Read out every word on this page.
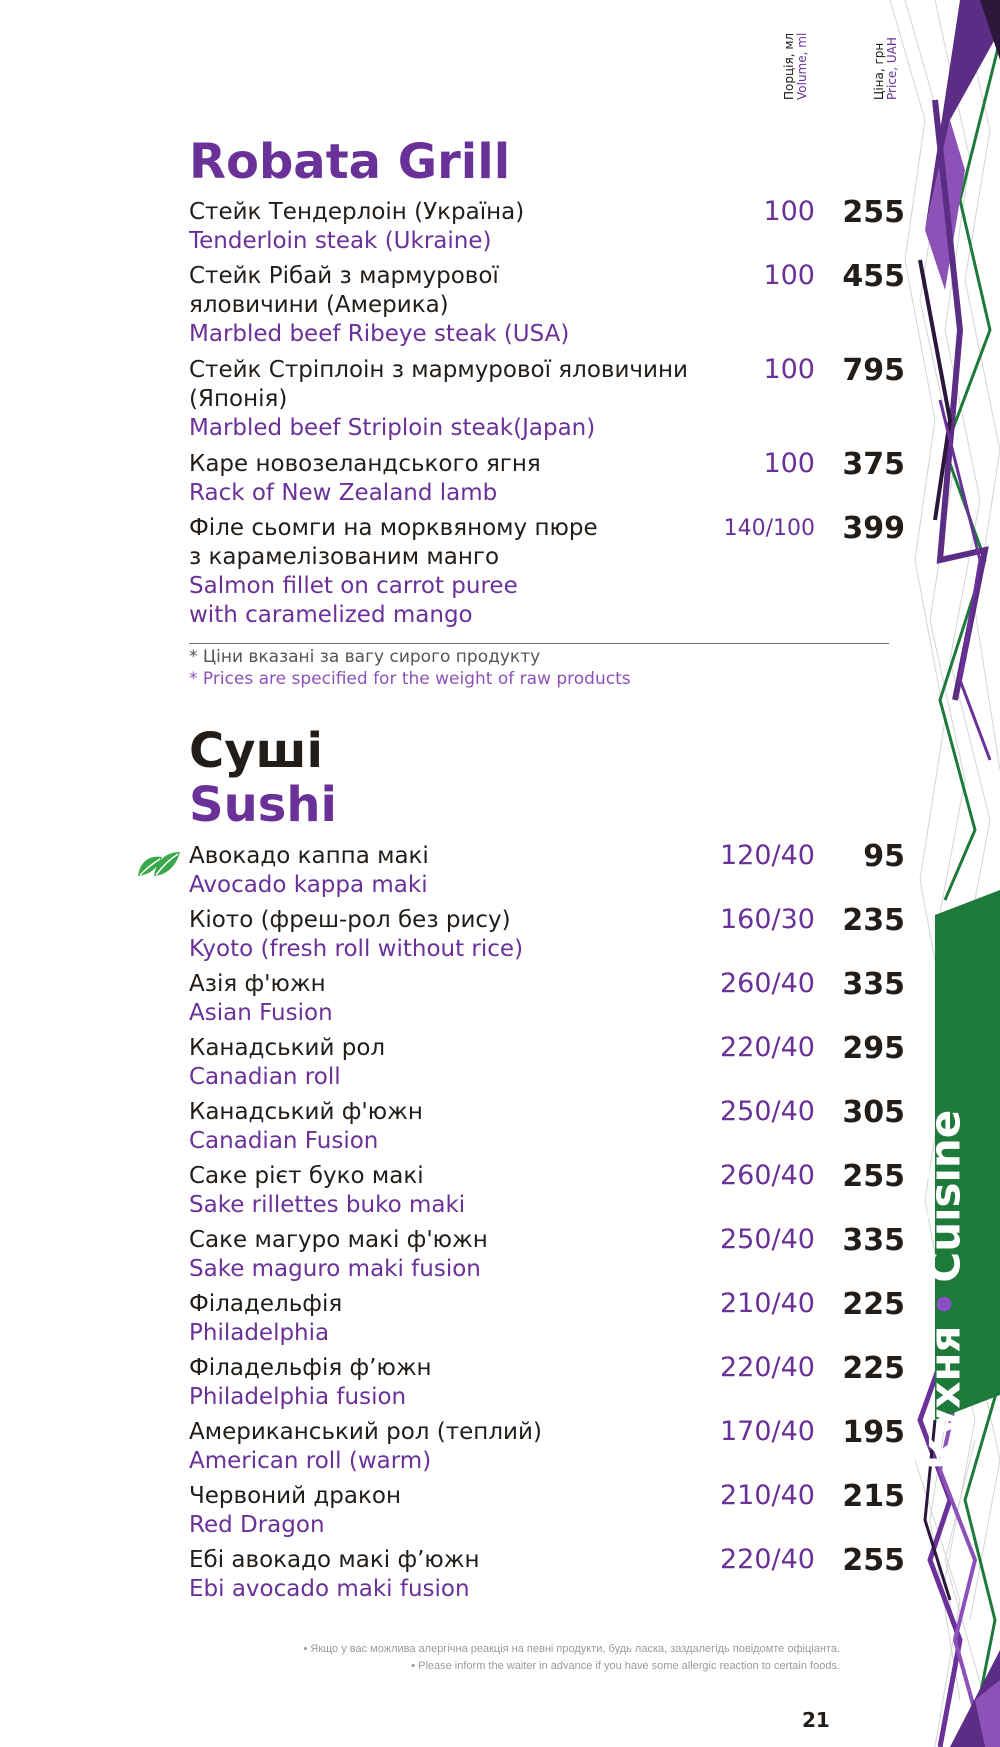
Robata Grill
Порція, мл Volume, ml	Ціна, грн Price, UAH
Стейк Тендерлоін (Україна)
Tenderloin steak (Ukraine)
100 255
Стейк Рібай з мармурової
яловичини (Америка)
Marbled beef Ribeye steak (USA)
100 455
Стейк Стріплоін з мармурової яловичини
(Японія)
Marbled beef Striploin steak(Japan)
100 795
Каре новозеландського ягня
Rack of New Zealand lamb
100 375
Філе сьомги на морквяному пюре
з карамелізованим манго
Salmon fillet on carrot puree
with caramelized mango
140/100 399
* Ціни вказані за вагу сирого продукту
* Prices are specified for the weight of raw products
Суші
Sushi
Авокадо каппа макі
Avocado kappa maki
120/40 95
Кіото (фреш-рол без рису)
Kyoto (fresh roll without rice)
160/30 235
Азія ф'южн
Asian Fusion
260/40 335
Канадський рол
Canadian roll
220/40 295
Канадський ф'южн
Canadian Fusion
250/40 305
Саке рієт буко макі
Sake rillettes buko maki
260/40 255
Саке магуро макі ф'южн
Sake maguro maki fusion
250/40 335
Філадельфія
Philadelphia
210/40 225
Філадельфія ф’южн
Philadelphia fusion
220/40 225
Американський рол (теплий)
American roll (warm)
170/40 195
Червоний дракон
Red Dragon
210/40 215
Ебі авокадо макі ф’южн
Ebi avocado maki fusion
220/40 255
• Якщо у вас можлива алергічна реакція на певні продукти, будь ласка, заздалегідь повідомте офіціанта.
• Please inform the waiter in advance if you have some allergic reaction to certain foods.
21
Кухня•Cuisine
